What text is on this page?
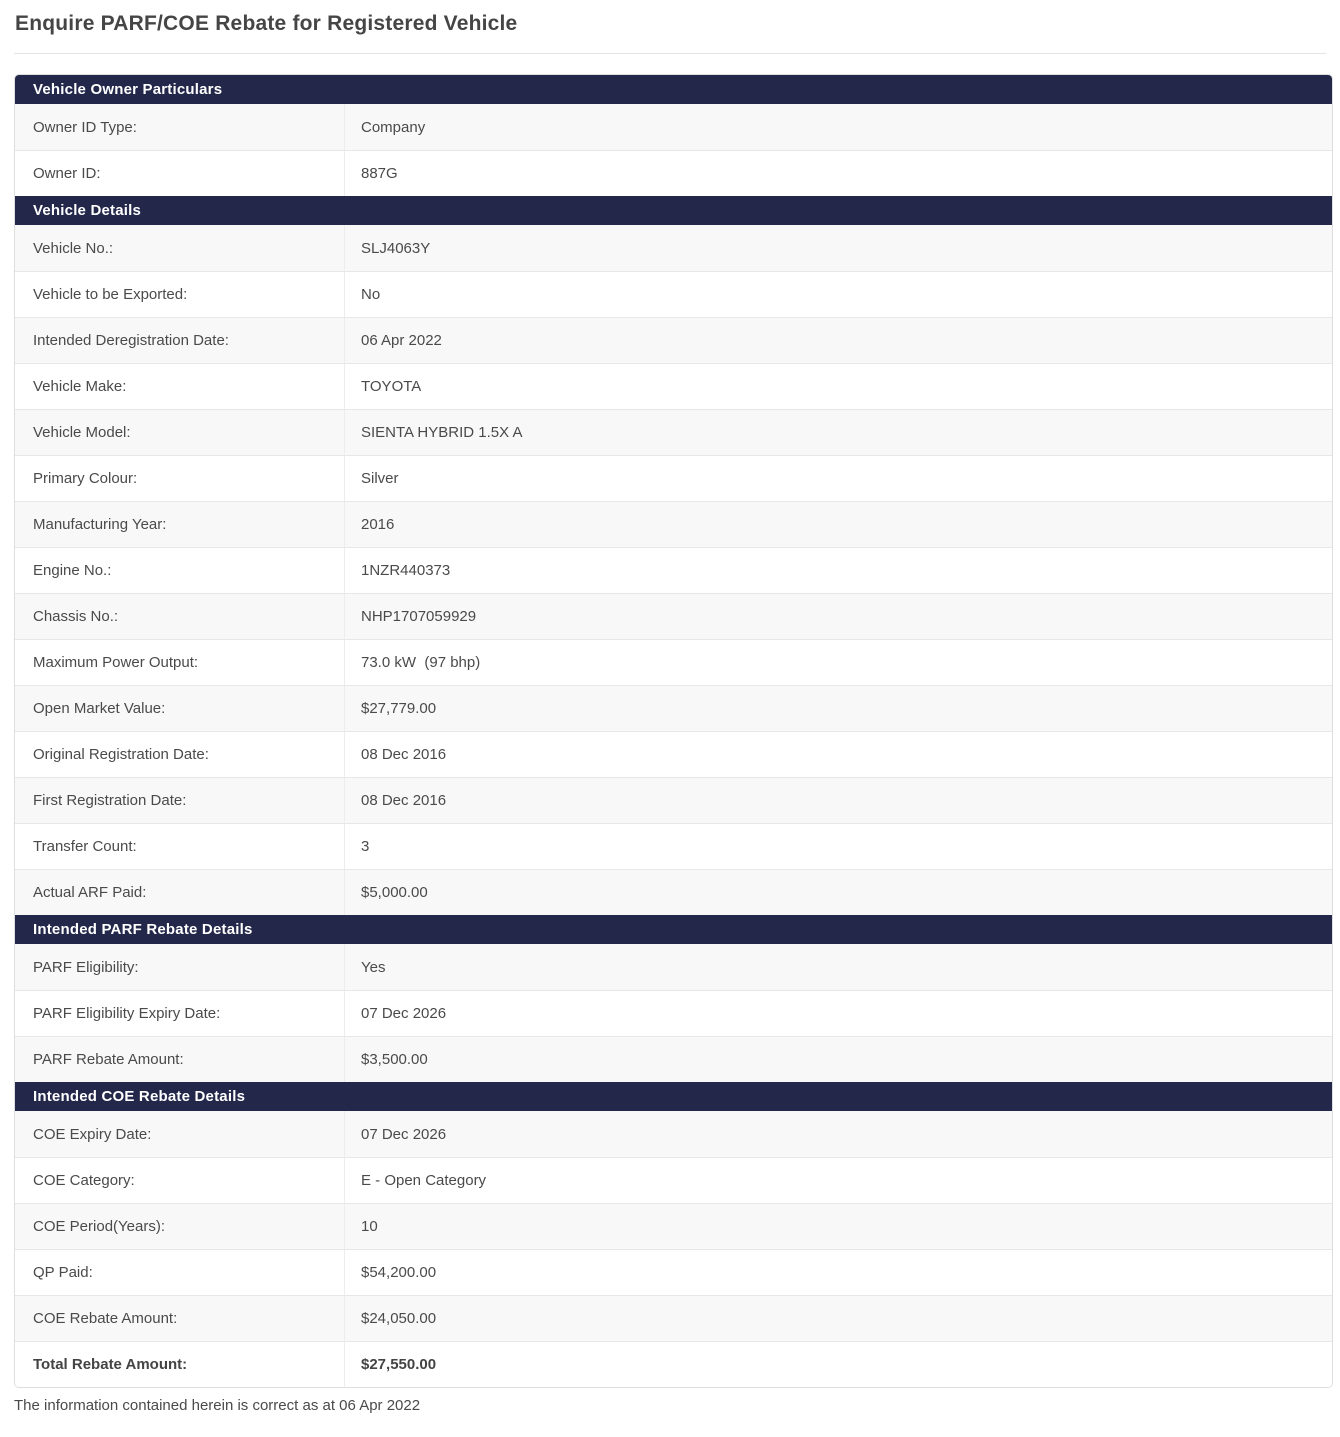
Enquire PARF/COE Rebate for Registered Vehicle
Vehicle Owner Particulars
Owner ID Type:	Company
Owner ID:	887G
Vehicle Details
Vehicle No.:	SLJ4063Y
Vehicle to be Exported:	No
Intended Deregistration Date:	06 Apr 2022
Vehicle Make:	TOYOTA
Vehicle Model:	SIENTA HYBRID 1.5X A
Primary Colour:	Silver
Manufacturing Year:	2016
Engine No.:	1NZR440373
Chassis No.:	NHP1707059929
Maximum Power Output:	73.0 kW  (97 bhp)
Open Market Value:	$27,779.00
Original Registration Date:	08 Dec 2016
First Registration Date:	08 Dec 2016
Transfer Count:	3
Actual ARF Paid:	$5,000.00
Intended PARF Rebate Details
PARF Eligibility:	Yes
PARF Eligibility Expiry Date:	07 Dec 2026
PARF Rebate Amount:	$3,500.00
Intended COE Rebate Details
COE Expiry Date:	07 Dec 2026
COE Category:	E - Open Category
COE Period(Years):	10
QP Paid:	$54,200.00
COE Rebate Amount:	$24,050.00
Total Rebate Amount:	$27,550.00

The information contained herein is correct as at 06 Apr 2022
